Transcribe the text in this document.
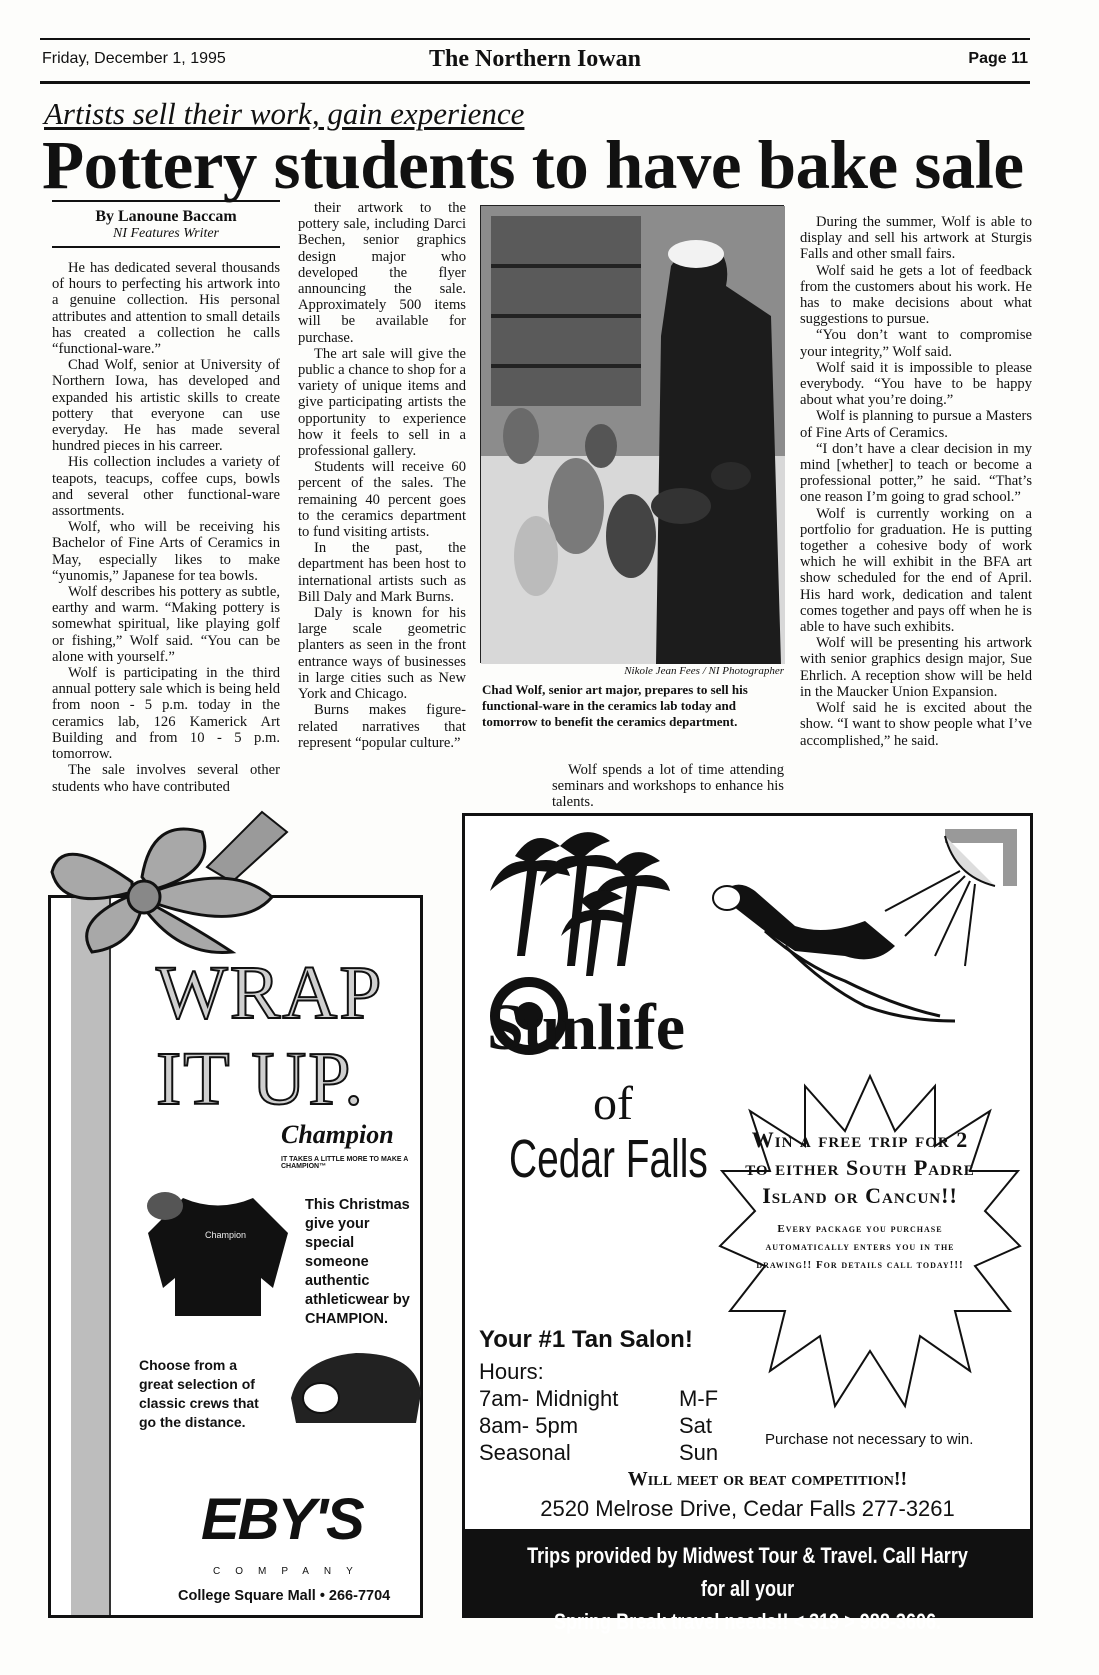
Friday, December 1, 1995	The Northern Iowan	Page 11
Artists sell their work, gain experience
Pottery students to have bake sale
By Lanoune Baccam
NI Features Writer

He has dedicated several thousands of hours to perfecting his artwork into a genuine collection. His personal attributes and attention to small details has created a collection he calls “functional-ware.”

Chad Wolf, senior at University of Northern Iowa, has developed and expanded his artistic skills to create pottery that everyone can use everyday. He has made several hundred pieces in his carreer.

His collection includes a variety of teapots, teacups, coffee cups, bowls and several other functional-ware assortments.

Wolf, who will be receiving his Bachelor of Fine Arts of Ceramics in May, especially likes to make “yunomis,” Japanese for tea bowls.

Wolf describes his pottery as subtle, earthy and warm. “Making pottery is somewhat spiritual, like playing golf or fishing,” Wolf said. “You can be alone with yourself.”

Wolf is participating in the third annual pottery sale which is being held from noon - 5 p.m. today in the ceramics lab, 126 Kamerick Art Building and from 10 - 5 p.m. tomorrow.

The sale involves several other students who have contributed

their artwork to the pottery sale, including Darci Bechen, senior graphics design major who developed the flyer announcing the sale. Approximately 500 items will be available for purchase.

The art sale will give the public a chance to shop for a variety of unique items and give participating artists the opportunity to experience how it feels to sell in a professional gallery.

Students will receive 60 percent of the sales. The remaining 40 percent goes to the ceramics department to fund visiting artists.

In the past, the department has been host to international artists such as Bill Daly and Mark Burns.

Daly is known for his large scale geometric planters as seen in the front entrance ways of businesses in large cities such as New York and Chicago.

Burns makes figure-related narratives that represent “popular culture.”

Nikole Jean Fees / NI Photographer
Chad Wolf, senior art major, prepares to sell his functional-ware in the ceramics lab today and tomorrow to benefit the ceramics department.

Wolf spends a lot of time attending seminars and workshops to enhance his talents.

During the summer, Wolf is able to display and sell his artwork at Sturgis Falls and other small fairs.

Wolf said he gets a lot of feedback from the customers about his work. He has to make decisions about what suggestions to pursue.

“You don’t want to compromise your integrity,” Wolf said.

Wolf said it is impossible to please everybody. “You have to be happy about what you’re doing.”

Wolf is planning to pursue a Masters of Fine Arts of Ceramics.

“I don’t have a clear decision in my mind [whether] to teach or become a professional potter,” he said. “That’s one reason I’m going to grad school.”

Wolf is currently working on a portfolio for graduation. He is putting together a cohesive body of work which he will exhibit in the BFA art show scheduled for the end of April. His hard work, dedication and talent comes together and pays off when he is able to have such exhibits.

Wolf will be presenting his artwork with senior graphics design major, Sue Ehrlich. A reception show will be held in the Maucker Union Expansion.

Wolf said he is excited about the show. “I want to show people what I’ve accomplished,” he said.

WRAP
IT UP.
Champion
IT TAKES A LITTLE MORE TO MAKE A CHAMPION™
Champion
This Christmas give your special someone authentic athleticwear by CHAMPION.
Choose from a great selection of classic crews that go the distance.
EBY'S
COMPANY
College Square Mall • 266-7704
Sunlife
of
Cedar Falls	Win a free trip for 2 to either South Padre Island or Cancun!!
Every package you purchase automatically enters you in the drawing!! For details call today!!!
Your #1 Tan Salon!
Hours:
7am- Midnight	M-F
8am- 5pm	Sat
Seasonal	Sun
Purchase not necessary to win.
Will meet or beat competition!!
2520 Melrose Drive, Cedar Falls 277-3261
Trips provided by Midwest Tour & Travel. Call Harry for all your
Spring Break travel needs!! < 319 > 988-3606.
